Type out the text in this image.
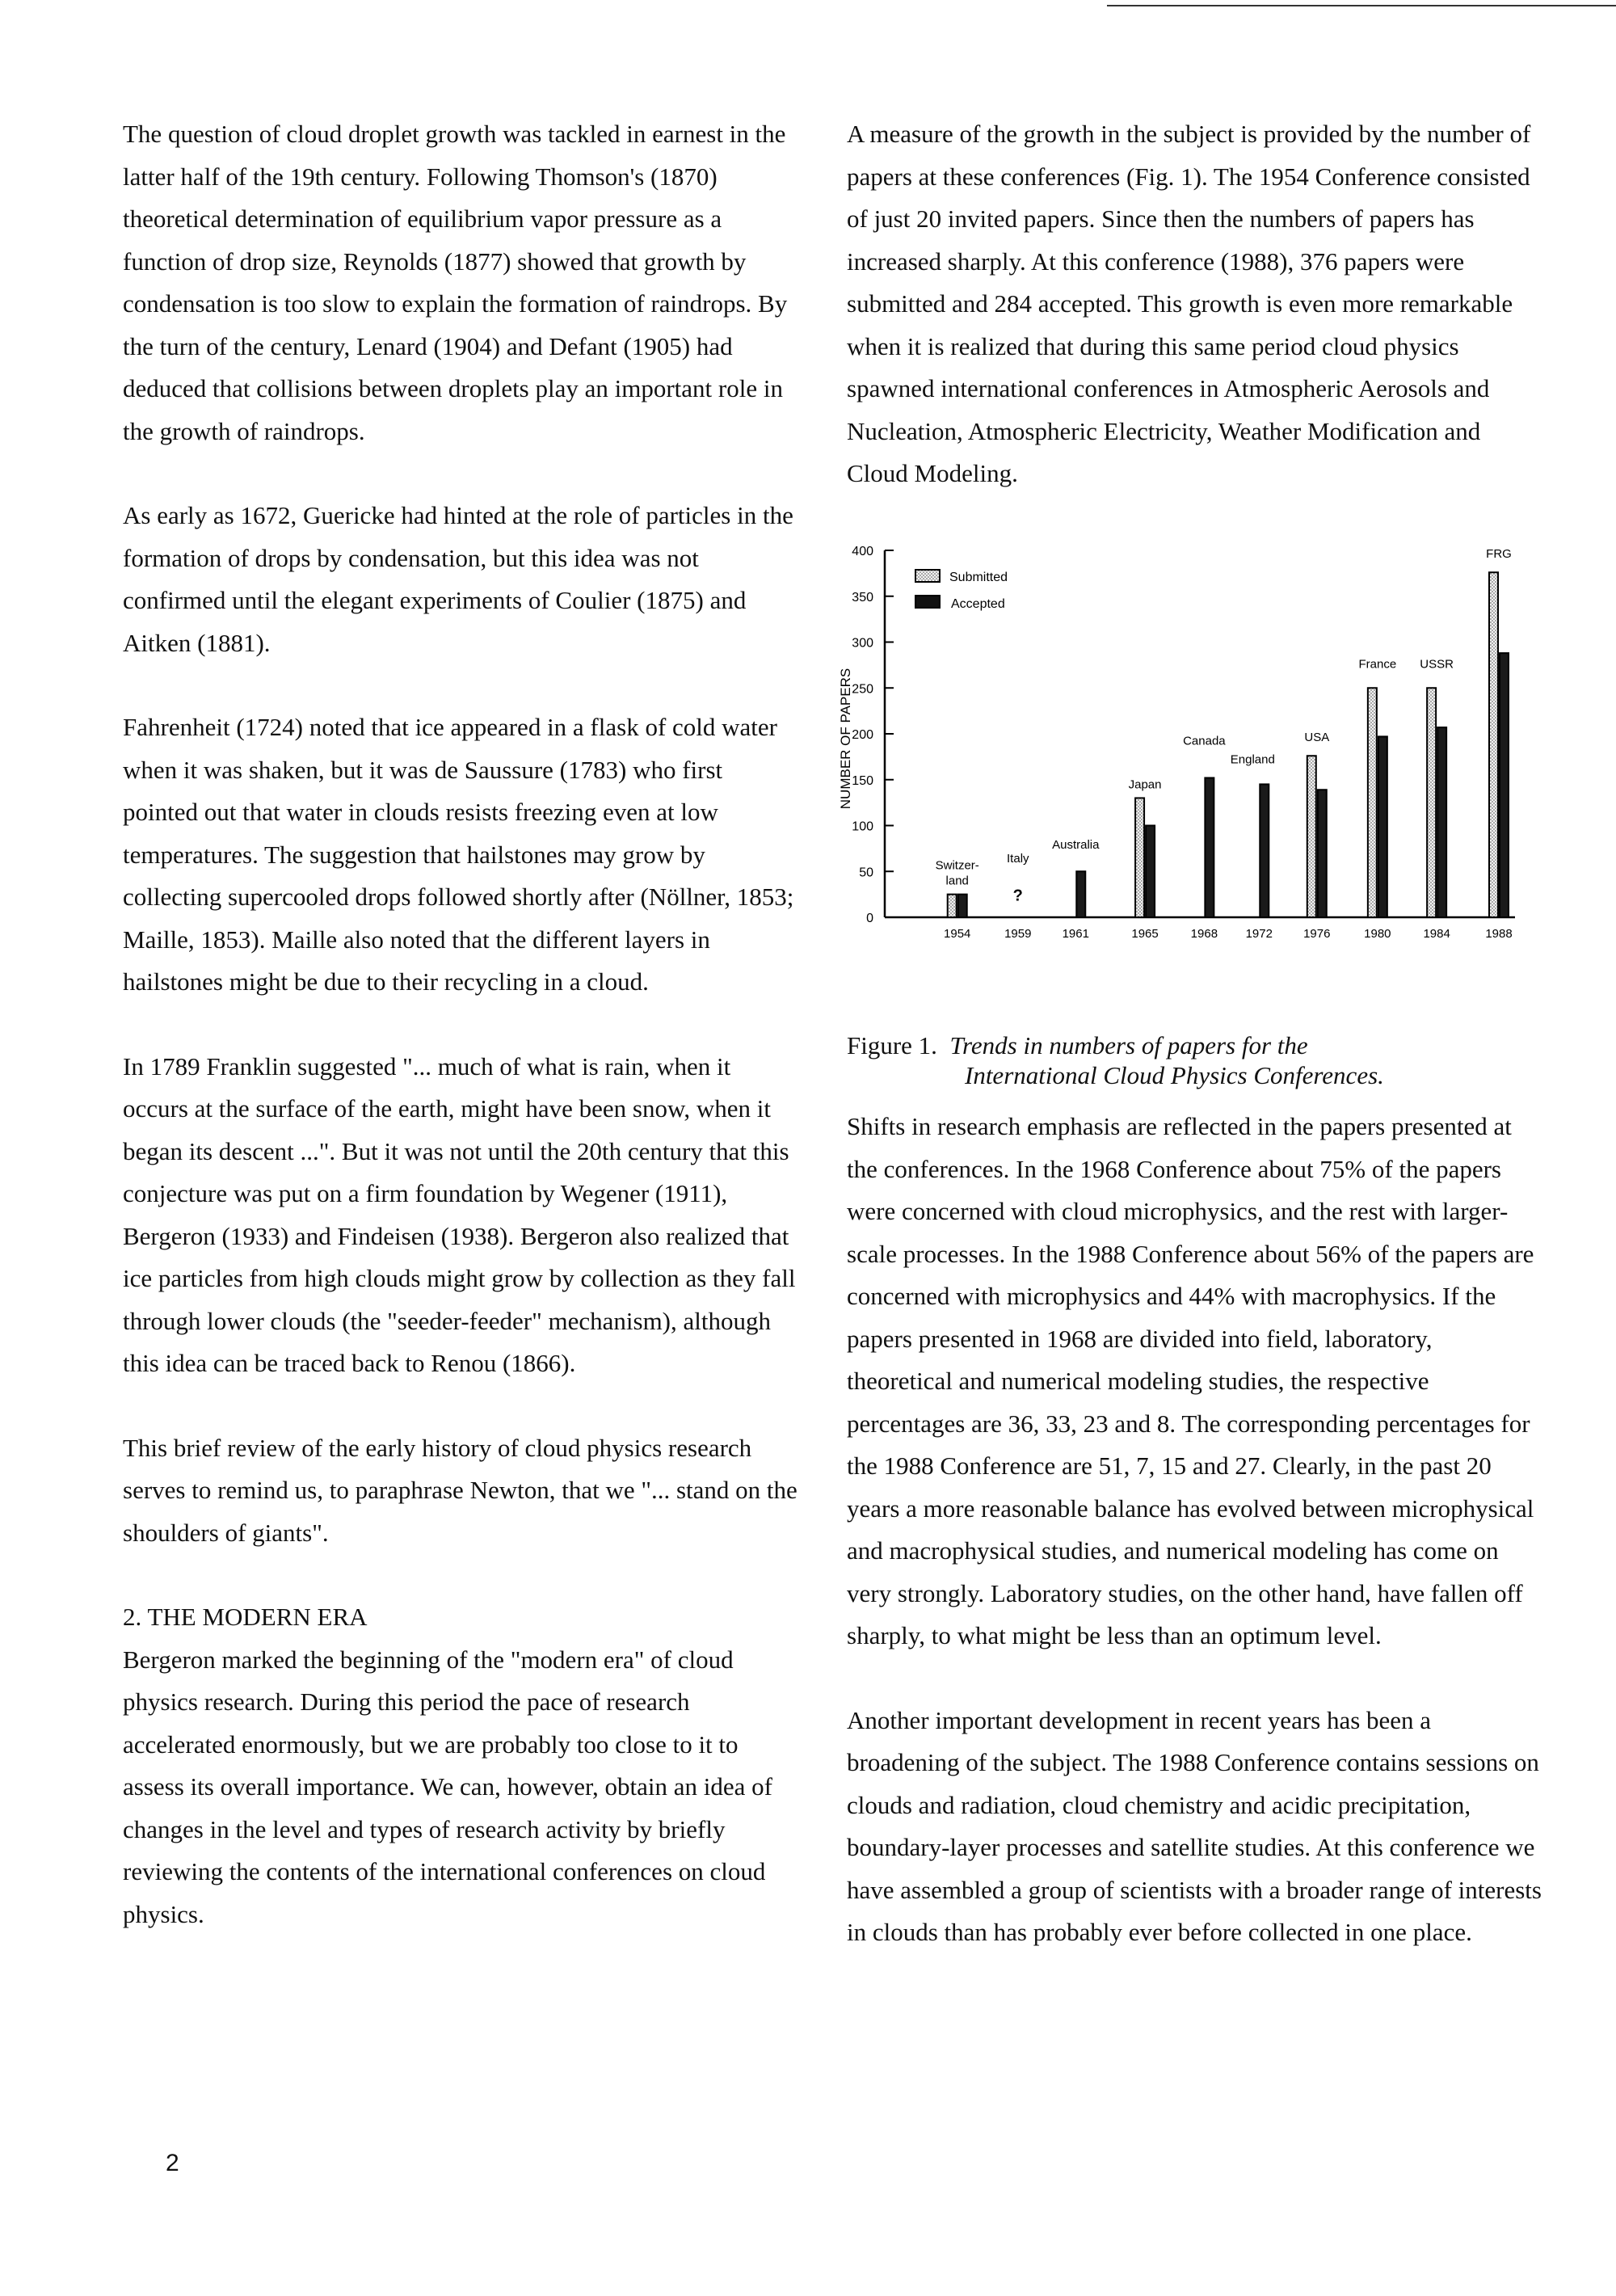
The question of cloud droplet growth was tackled in earnest in the latter half of the 19th century. Following Thomson's (1870) theoretical determination of equilibrium vapor pressure as a function of drop size, Reynolds (1877) showed that growth by condensation is too slow to explain the formation of raindrops. By the turn of the century, Lenard (1904) and Defant (1905) had deduced that collisions between droplets play an important role in the growth of raindrops.

As early as 1672, Guericke had hinted at the role of particles in the formation of drops by condensation, but this idea was not confirmed until the elegant experiments of Coulier (1875) and Aitken (1881).

Fahrenheit (1724) noted that ice appeared in a flask of cold water when it was shaken, but it was de Saussure (1783) who first pointed out that water in clouds resists freezing even at low temperatures. The suggestion that hailstones may grow by collecting supercooled drops followed shortly after (Nöllner, 1853; Maille, 1853). Maille also noted that the different layers in hailstones might be due to their recycling in a cloud.

In 1789 Franklin suggested "... much of what is rain, when it occurs at the surface of the earth, might have been snow, when it began its descent ...". But it was not until the 20th century that this conjecture was put on a firm foundation by Wegener (1911), Bergeron (1933) and Findeisen (1938). Bergeron also realized that ice particles from high clouds might grow by collection as they fall through lower clouds (the "seeder-feeder" mechanism), although this idea can be traced back to Renou (1866).

This brief review of the early history of cloud physics research serves to remind us, to paraphrase Newton, that we "... stand on the shoulders of giants".

2. THE MODERN ERA

Bergeron marked the beginning of the "modern era" of cloud physics research. During this period the pace of research accelerated enormously, but we are probably too close to it to assess its overall importance. We can, however, obtain an idea of changes in the level and types of research activity by briefly reviewing the contents of the international conferences on cloud physics.

A measure of the growth in the subject is provided by the number of papers at these conferences (Fig. 1). The 1954 Conference consisted of just 20 invited papers. Since then the numbers of papers has increased sharply. At this conference (1988), 376 papers were submitted and 284 accepted. This growth is even more remarkable when it is realized that during this same period cloud physics spawned international conferences in Atmospheric Aerosols and Nucleation, Atmospheric Electricity, Weather Modification and Cloud Modeling.

0
50
100
150
200
250
300
350
400
1954
Switzer-
land
1959
Italy
1961
Australia
1965
Japan
1968
Canada
1972
England
1976
USA
1980
France
1984
USSR
1988
FRG
?
Submitted
Accepted
NUMBER OF PAPERS
Figure 1. Trends in numbers of papers for the
International Cloud Physics Conferences.

Shifts in research emphasis are reflected in the papers presented at the conferences. In the 1968 Conference about 75% of the papers were concerned with cloud microphysics, and the rest with larger-scale processes. In the 1988 Conference about 56% of the papers are concerned with microphysics and 44% with macrophysics. If the papers presented in 1968 are divided into field, laboratory, theoretical and numerical modeling studies, the respective percentages are 36, 33, 23 and 8. The corresponding percentages for the 1988 Conference are 51, 7, 15 and 27. Clearly, in the past 20 years a more reasonable balance has evolved between microphysical and macrophysical studies, and numerical modeling has come on very strongly. Laboratory studies, on the other hand, have fallen off sharply, to what might be less than an optimum level.

Another important development in recent years has been a broadening of the subject. The 1988 Conference contains sessions on clouds and radiation, cloud chemistry and acidic precipitation, boundary-layer processes and satellite studies. At this conference we have assembled a group of scientists with a broader range of interests in clouds than has probably ever before collected in one place.

2
